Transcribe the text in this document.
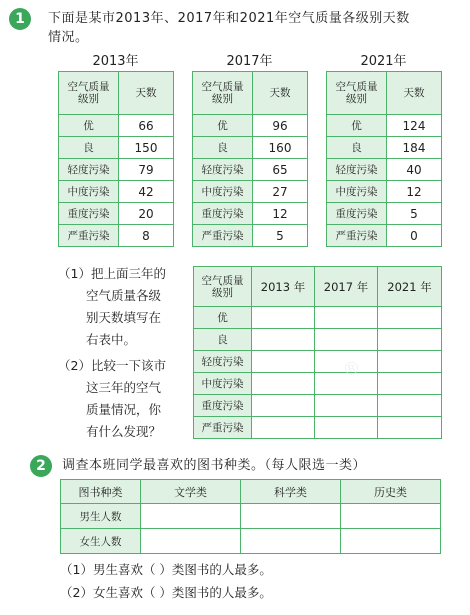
1	下面是某市2013年、2017年和2021年空气质量各级别天数
情况。
2013年	2017年	2021年
空气质量
级别	天数
优	66
良	150
轻度污染	79
中度污染	42
重度污染	20
严重污染	8
空气质量
级别	天数
优	96
良	160
轻度污染	65
中度污染	27
重度污染	12
严重污染	5
空气质量
级别	天数
优	124
良	184
轻度污染	40
中度污染	12
重度污染	5
严重污染	0
（1）把上面三年的
空气质量各级
别天数填写在
右表中。
（2）比较一下该市
这三年的空气
质量情况，你
有什么发现？
空气质量
级别	2013 年	2017 年	2021 年
优			
良			
轻度污染			
中度污染			
重度污染			
严重污染			
®
2	调查本班同学最喜欢的图书种类。（每人限选一类）
图书种类	文学类	科学类	历史类
男生人数			
女生人数			
（1）男生喜欢（ ）类图书的人最多。
（2）女生喜欢（ ）类图书的人最多。
